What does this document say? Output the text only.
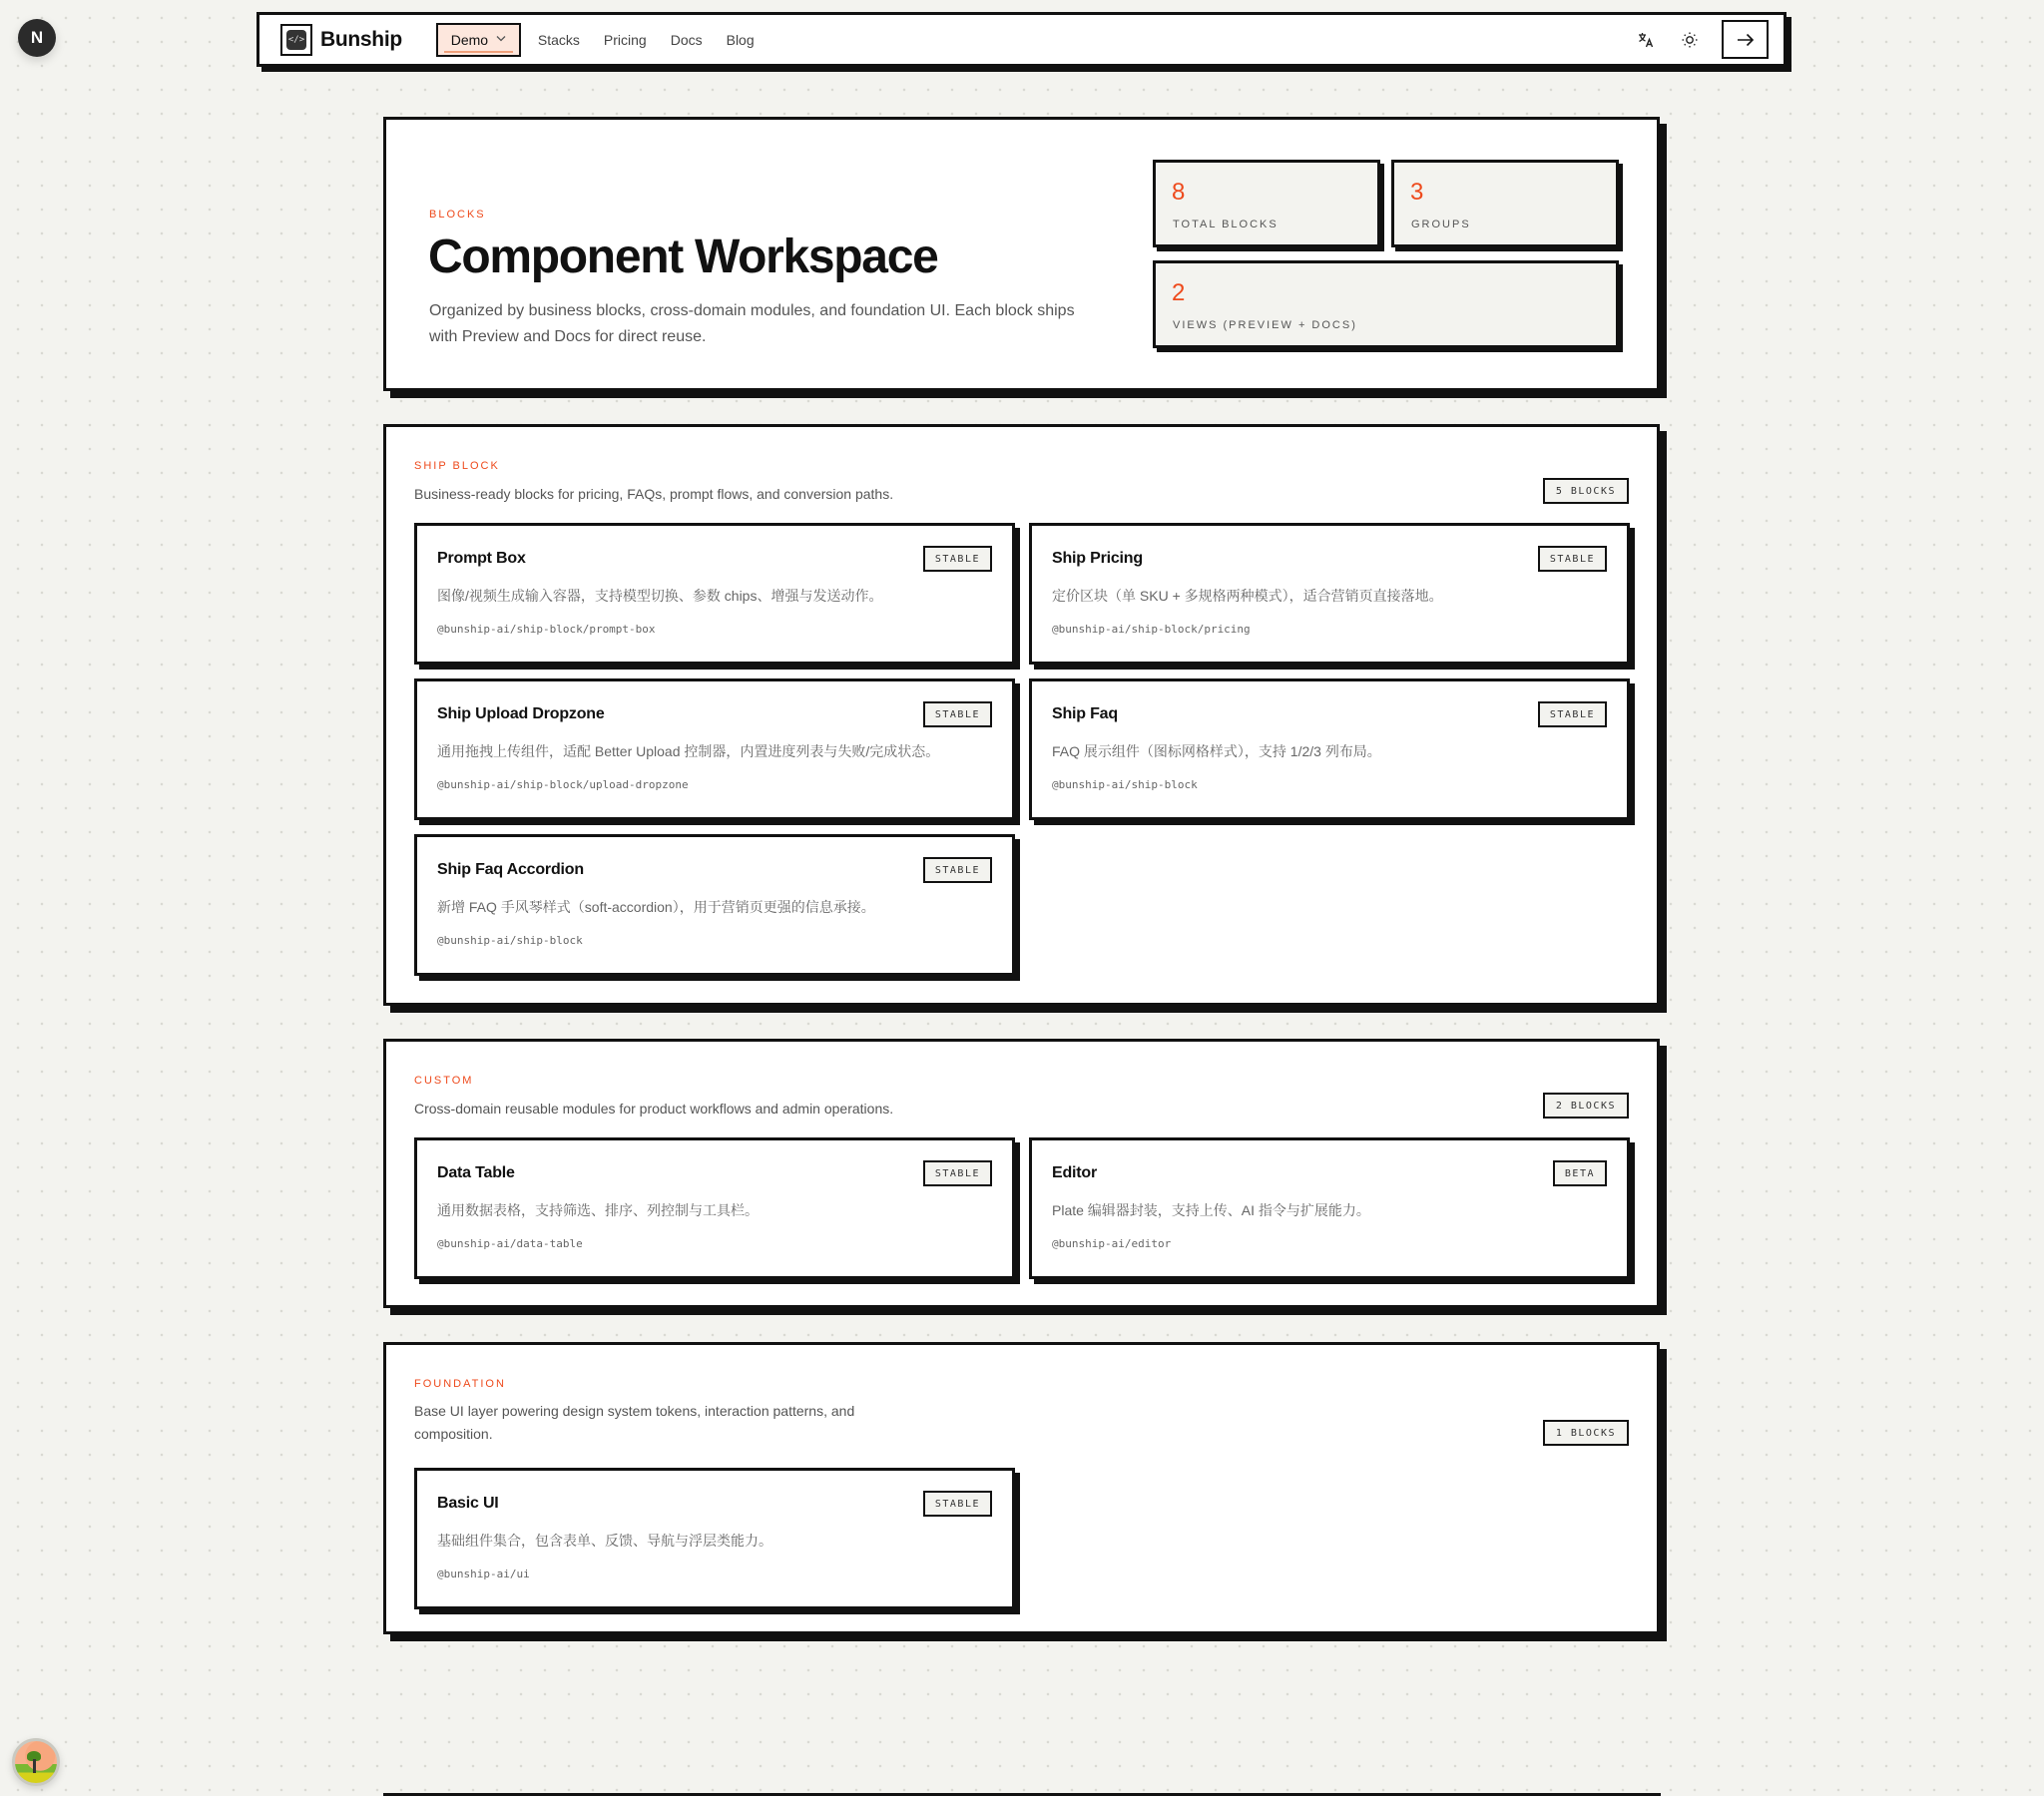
N	</> Bunship	Demo	Stacks	Pricing	Docs	Blog
BLOCKS
Component Workspace

Organized by business blocks, cross-domain modules, and foundation UI. Each block ships with Preview and Docs for direct reuse.

8
TOTAL BLOCKS
3
GROUPS
2
VIEWS (PREVIEW + DOCS)
SHIP BLOCK
Business-ready blocks for pricing, FAQs, prompt flows, and conversion paths.	5 BLOCKS
Prompt Box	STABLE
图像/视频生成输入容器，支持模型切换、参数 chips、增强与发送动作。
@bunship-ai/ship-block/prompt-box
Ship Pricing	STABLE
定价区块（单 SKU + 多规格两种模式），适合营销页直接落地。
@bunship-ai/ship-block/pricing
Ship Upload Dropzone	STABLE
通用拖拽上传组件，适配 Better Upload 控制器，内置进度列表与失败/完成状态。
@bunship-ai/ship-block/upload-dropzone
Ship Faq	STABLE
FAQ 展示组件（图标网格样式），支持 1/2/3 列布局。
@bunship-ai/ship-block
Ship Faq Accordion	STABLE
新增 FAQ 手风琴样式（soft-accordion），用于营销页更强的信息承接。
@bunship-ai/ship-block
CUSTOM
Cross-domain reusable modules for product workflows and admin operations.	2 BLOCKS
Data Table	STABLE
通用数据表格，支持筛选、排序、列控制与工具栏。
@bunship-ai/data-table
Editor	BETA
Plate 编辑器封装，支持上传、AI 指令与扩展能力。
@bunship-ai/editor
FOUNDATION
Base UI layer powering design system tokens, interaction patterns, and composition.	1 BLOCKS
Basic UI	STABLE
基础组件集合，包含表单、反馈、导航与浮层类能力。
@bunship-ai/ui
